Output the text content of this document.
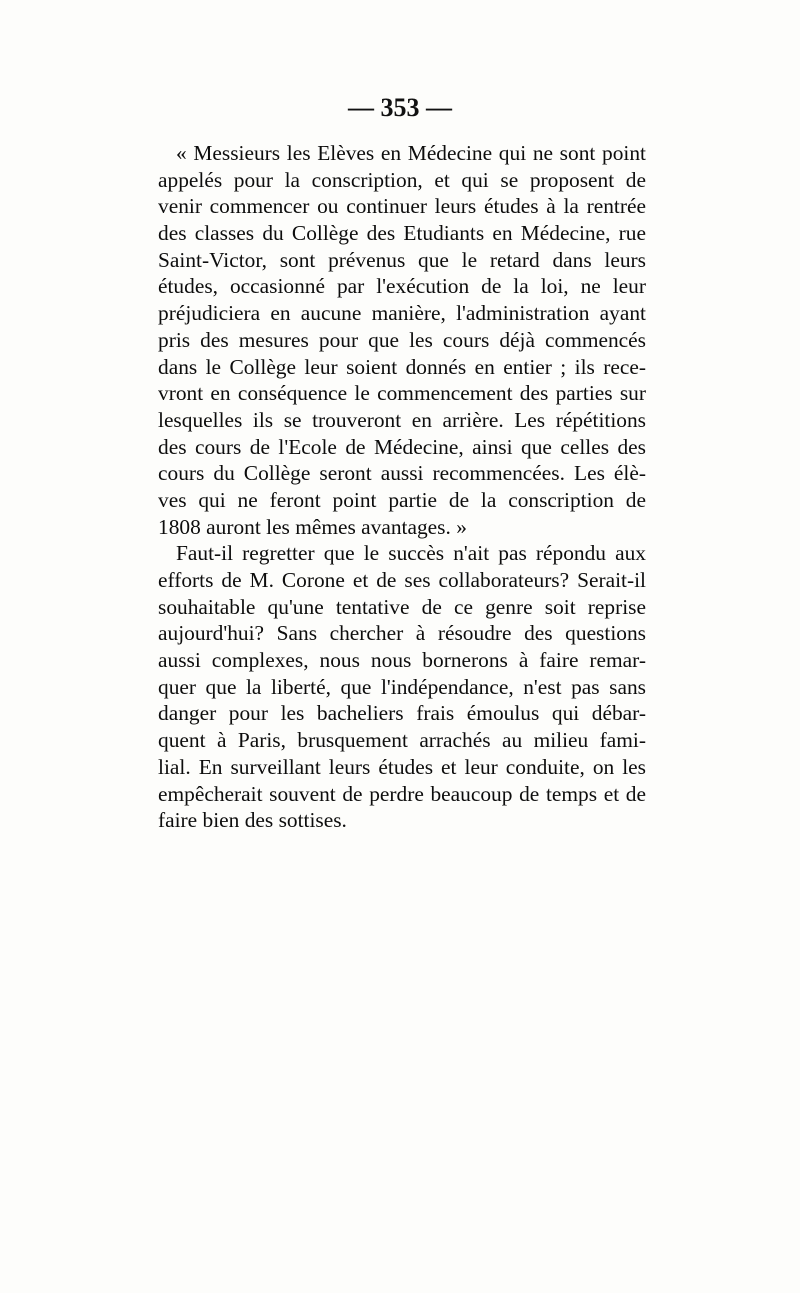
— 353 —
« Messieurs les Elèves en Médecine qui ne sont point
appelés pour la conscription, et qui se proposent de
venir commencer ou continuer leurs études à la rentrée
des classes du Collège des Etudiants en Médecine, rue
Saint-Victor, sont prévenus que le retard dans leurs
études, occasionné par l'exécution de la loi, ne leur
préjudiciera en aucune manière, l'administration ayant
pris des mesures pour que les cours déjà commencés
dans le Collège leur soient donnés en entier ; ils rece-
vront en conséquence le commencement des parties sur
lesquelles ils se trouveront en arrière. Les répétitions
des cours de l'Ecole de Médecine, ainsi que celles des
cours du Collège seront aussi recommencées. Les élè-
ves qui ne feront point partie de la conscription de
1808 auront les mêmes avantages. »
Faut-il regretter que le succès n'ait pas répondu aux
efforts de M. Corone et de ses collaborateurs? Serait-il
souhaitable qu'une tentative de ce genre soit reprise
aujourd'hui? Sans chercher à résoudre des questions
aussi complexes, nous nous bornerons à faire remar-
quer que la liberté, que l'indépendance, n'est pas sans
danger pour les bacheliers frais émoulus qui débar-
quent à Paris, brusquement arrachés au milieu fami-
lial. En surveillant leurs études et leur conduite, on les
empêcherait souvent de perdre beaucoup de temps et de
faire bien des sottises.
